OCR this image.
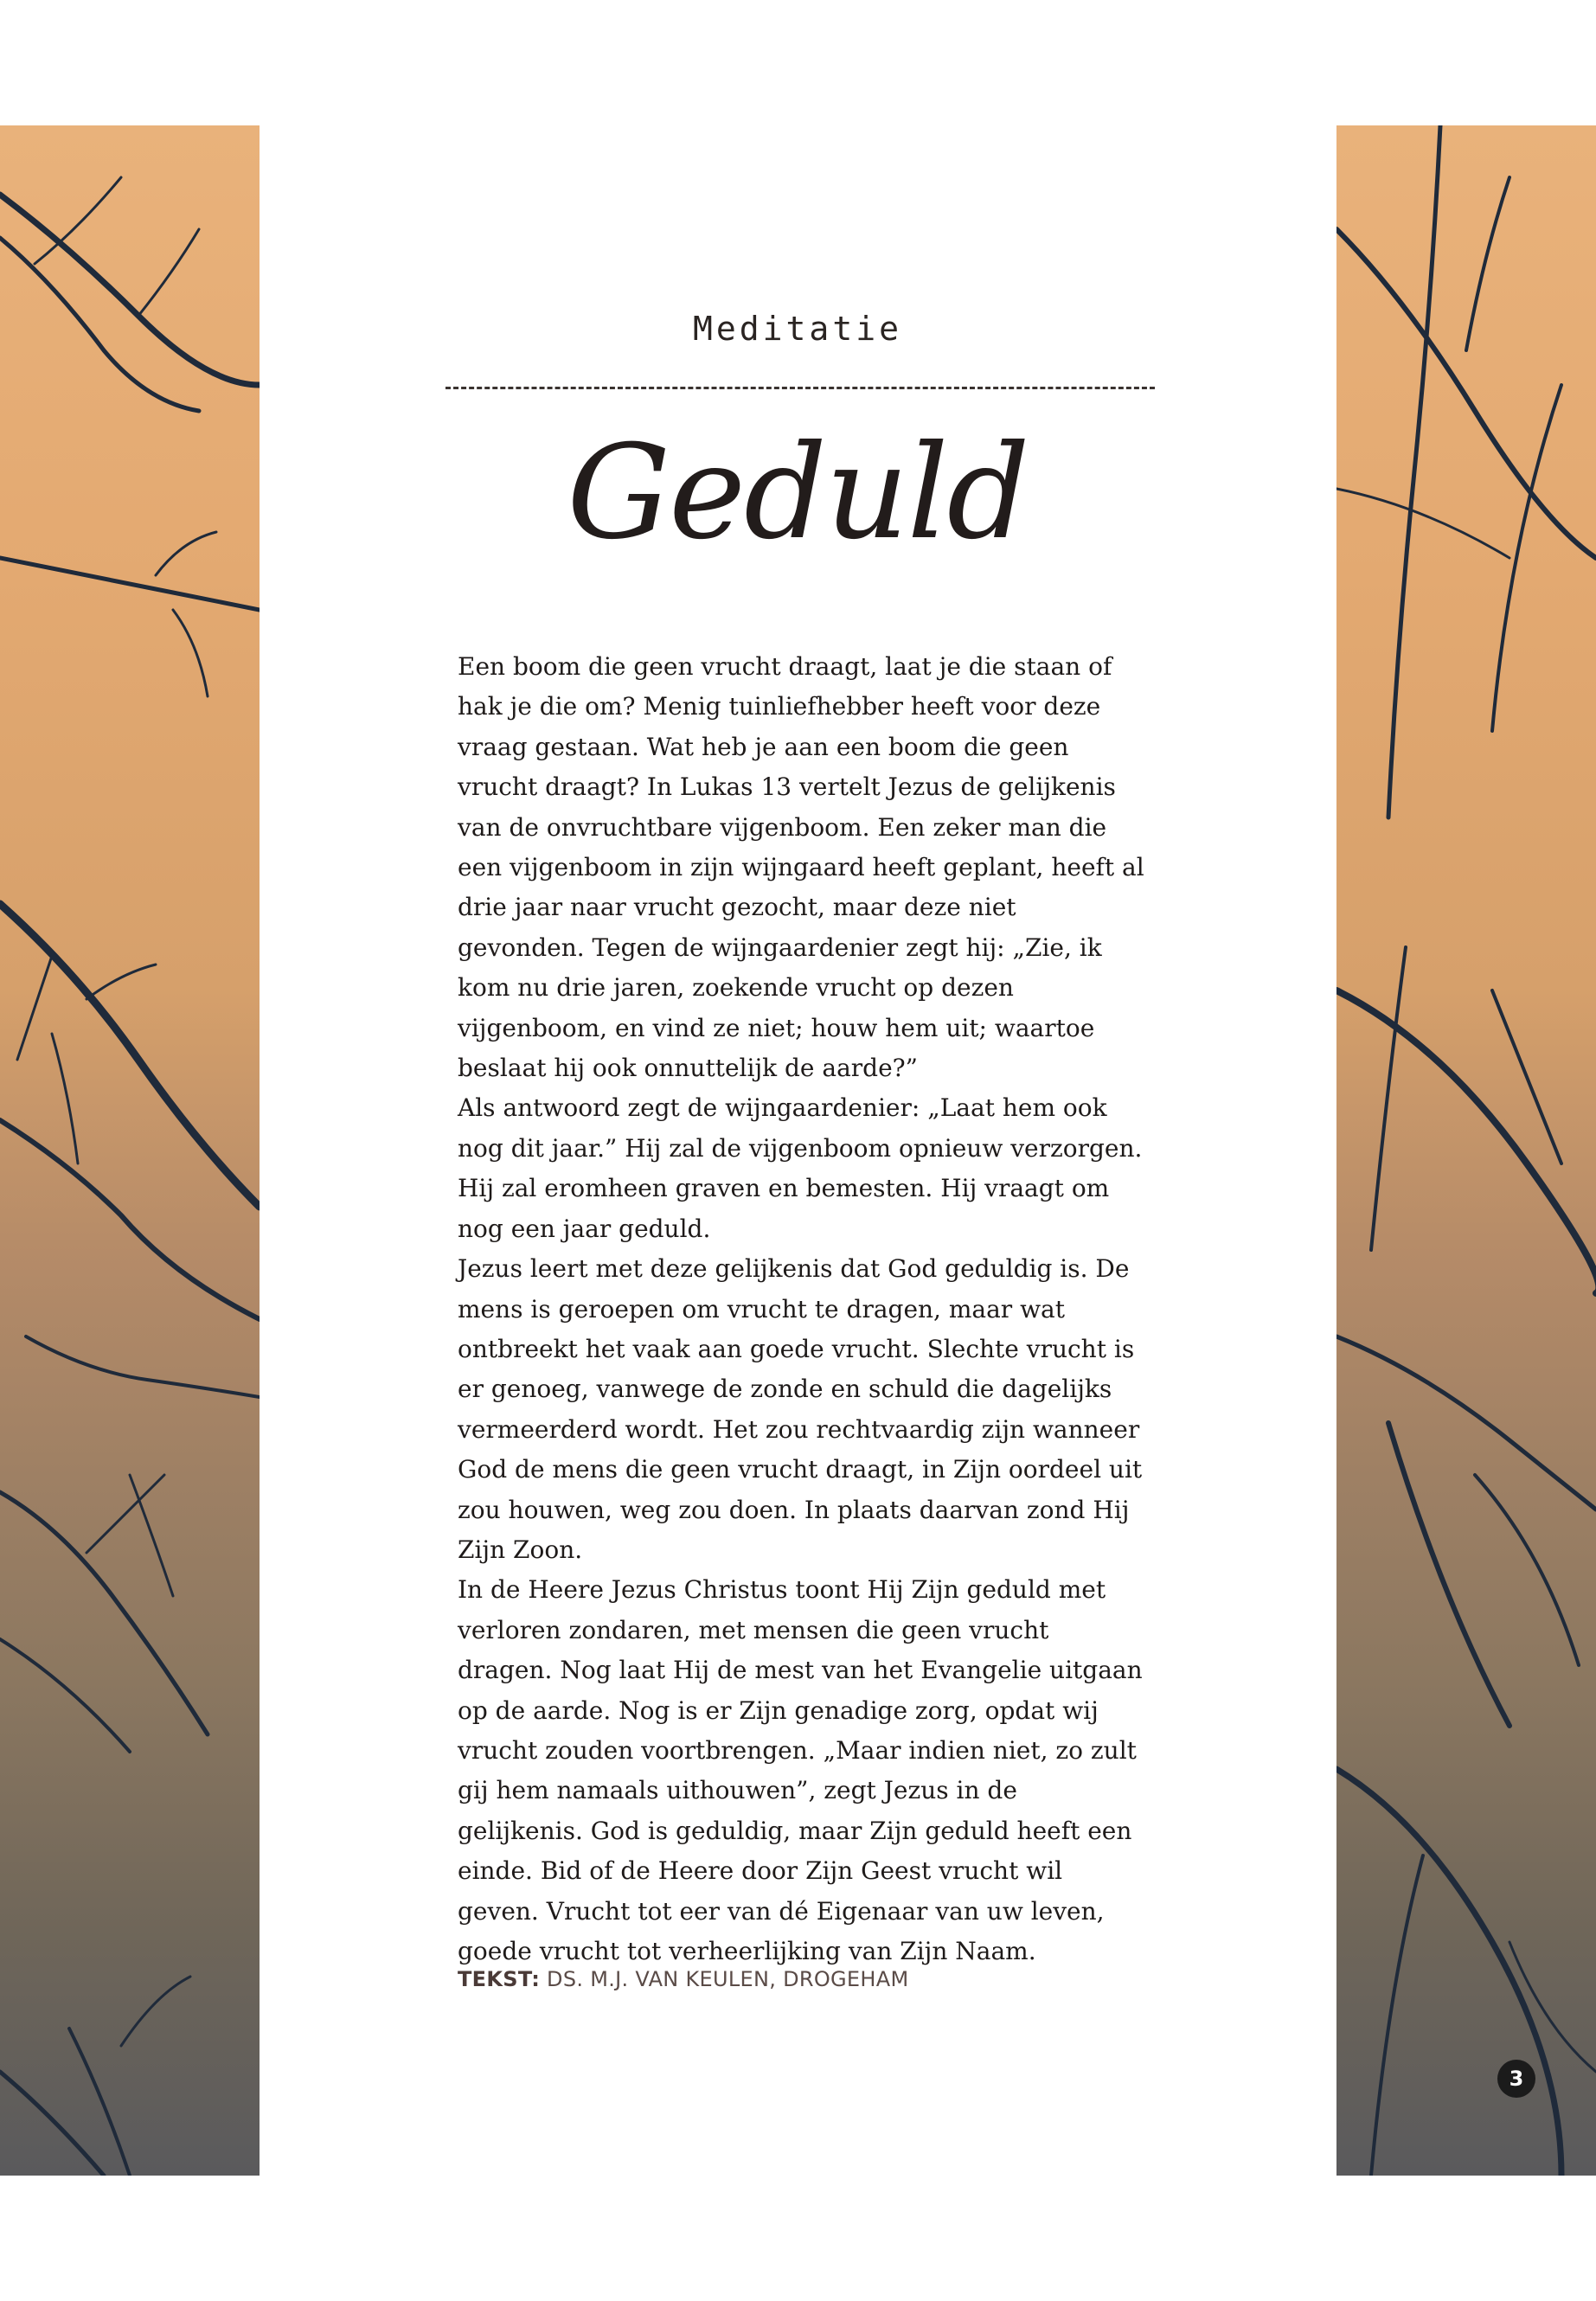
Meditatie
Geduld

Een boom die geen vrucht draagt, laat je die staan of hak je die om? Menig tuinliefhebber heeft voor deze vraag gestaan. Wat heb je aan een boom die geen vrucht draagt? In Lukas 13 vertelt Jezus de gelijkenis van de onvruchtbare vijgenboom. Een zeker man die een vijgenboom in zijn wijngaard heeft geplant, heeft al drie jaar naar vrucht gezocht, maar deze niet gevonden. Tegen de wijngaardenier zegt hij: „Zie, ik kom nu drie jaren, zoekende vrucht op dezen vijgenboom, en vind ze niet; houw hem uit; waartoe beslaat hij ook onnuttelijk de aarde?”

Als antwoord zegt de wijngaardenier: „Laat hem ook nog dit jaar.” Hij zal de vijgenboom opnieuw verzorgen. Hij zal eromheen graven en bemesten. Hij vraagt om nog een jaar geduld.

Jezus leert met deze gelijkenis dat God geduldig is. De mens is geroepen om vrucht te dragen, maar wat ontbreekt het vaak aan goede vrucht. Slechte vrucht is er genoeg, vanwege de zonde en schuld die dagelijks vermeerderd wordt. Het zou rechtvaardig zijn wanneer God de mens die geen vrucht draagt, in Zijn oordeel uit zou houwen, weg zou doen. In plaats daarvan zond Hij Zijn Zoon.

In de Heere Jezus Christus toont Hij Zijn geduld met verloren zondaren, met mensen die geen vrucht dragen. Nog laat Hij de mest van het Evangelie uitgaan op de aarde. Nog is er Zijn genadige zorg, opdat wij vrucht zouden voortbrengen. „Maar indien niet, zo zult gij hem namaals uithouwen”, zegt Jezus in de gelijkenis. God is geduldig, maar Zijn geduld heeft een einde. Bid of de Heere door Zijn Geest vrucht wil geven. Vrucht tot eer van dé Eigenaar van uw leven, goede vrucht tot verheerlijking van Zijn Naam.

TEKST: DS. M.J. VAN KEULEN, DROGEHAM
3
